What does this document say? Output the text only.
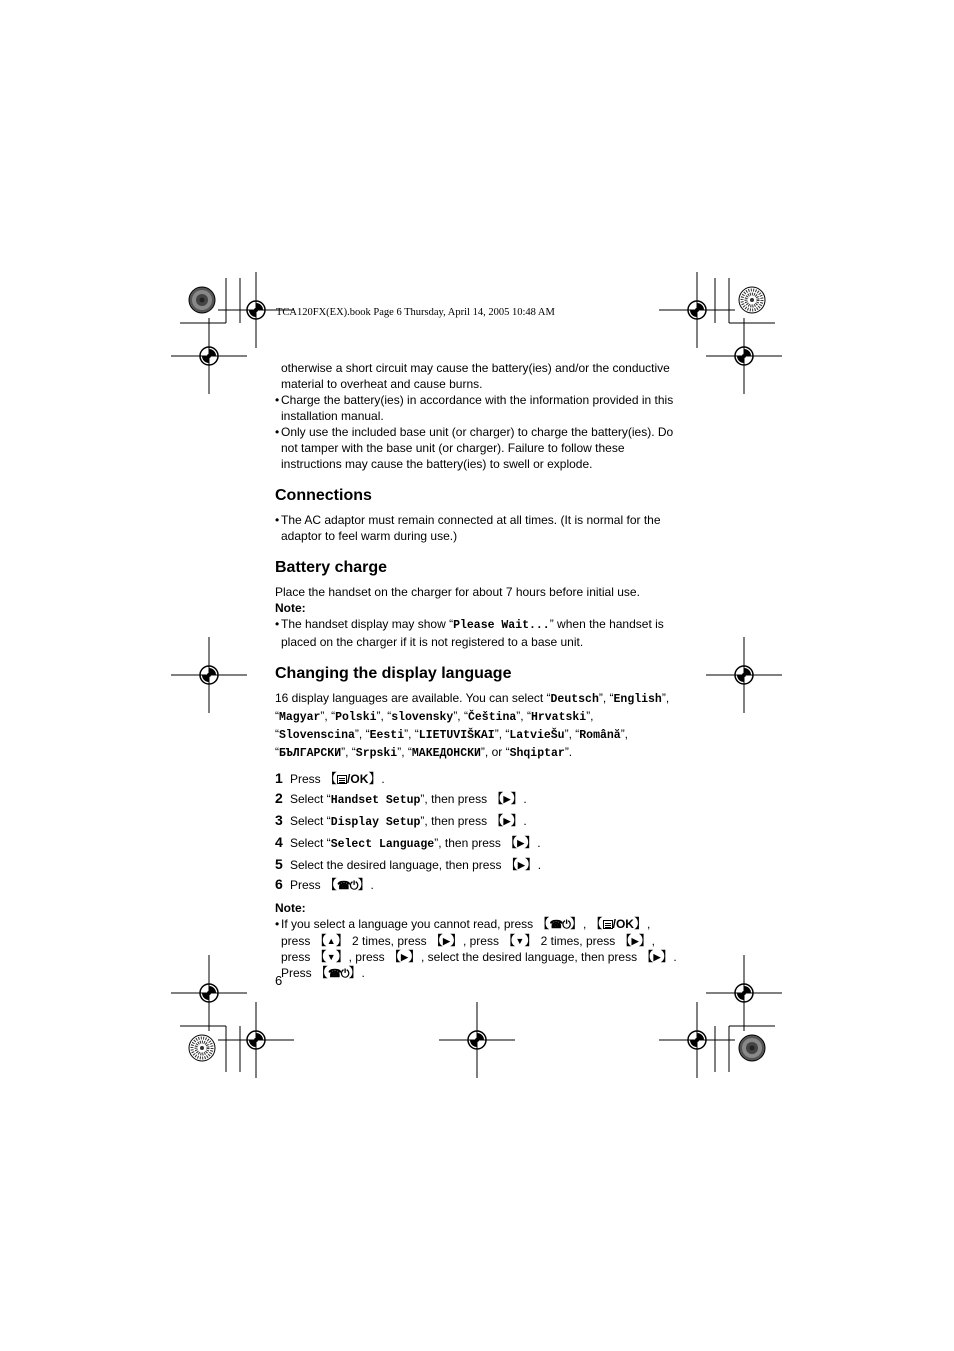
TCA120FX(EX).book Page 6 Thursday, April 14, 2005 10:48 AM

otherwise a short circuit may cause the battery(ies) and/or the conductive

material to overheat and cause burns.

• Charge the battery(ies) in accordance with the information provided in this installation manual.

• Only use the included base unit (or charger) to charge the battery(ies). Do not tamper with the base unit (or charger). Failure to follow these instructions may cause the battery(ies) to swell or explode.

Connections

• The AC adaptor must remain connected at all times. (It is normal for the adaptor to feel warm during use.)

Battery charge

Place the handset on the charger for about 7 hours before initial use.

Note:

• The handset display may show “Please Wait...” when the handset is placed on the charger if it is not registered to a base unit.

Changing the display language

16 display languages are available. You can select “Deutsch”, “English”, “Magyar”, “Polski”, “slovensky”, “Čeština”, “Hrvatski”, “Slovenscina”, “Eesti”, “LIETUVIŠKAI”, “LatvieŠu”, “Română”, “БЪЛГАРСКИ”, “Srpski”, “МАКЕДОНСКИ”, or “Shqiptar”.

1 Press 【 /OK】.
2 Select “Handset Setup”, then press 【▶】.
3 Select “Display Setup”, then press 【▶】.
4 Select “Select Language”, then press 【▶】.
5 Select the desired language, then press 【▶】.
6 Press 【☎⏻】.

Note:

• If you select a language you cannot read, press 【☎⏻】, 【 /OK】, press 【▲】 2 times, press 【▶】, press 【▼】 2 times, press 【▶】, press 【▼】, press 【▶】, select the desired language, then press 【▶】. Press 【☎⏻】.

6
